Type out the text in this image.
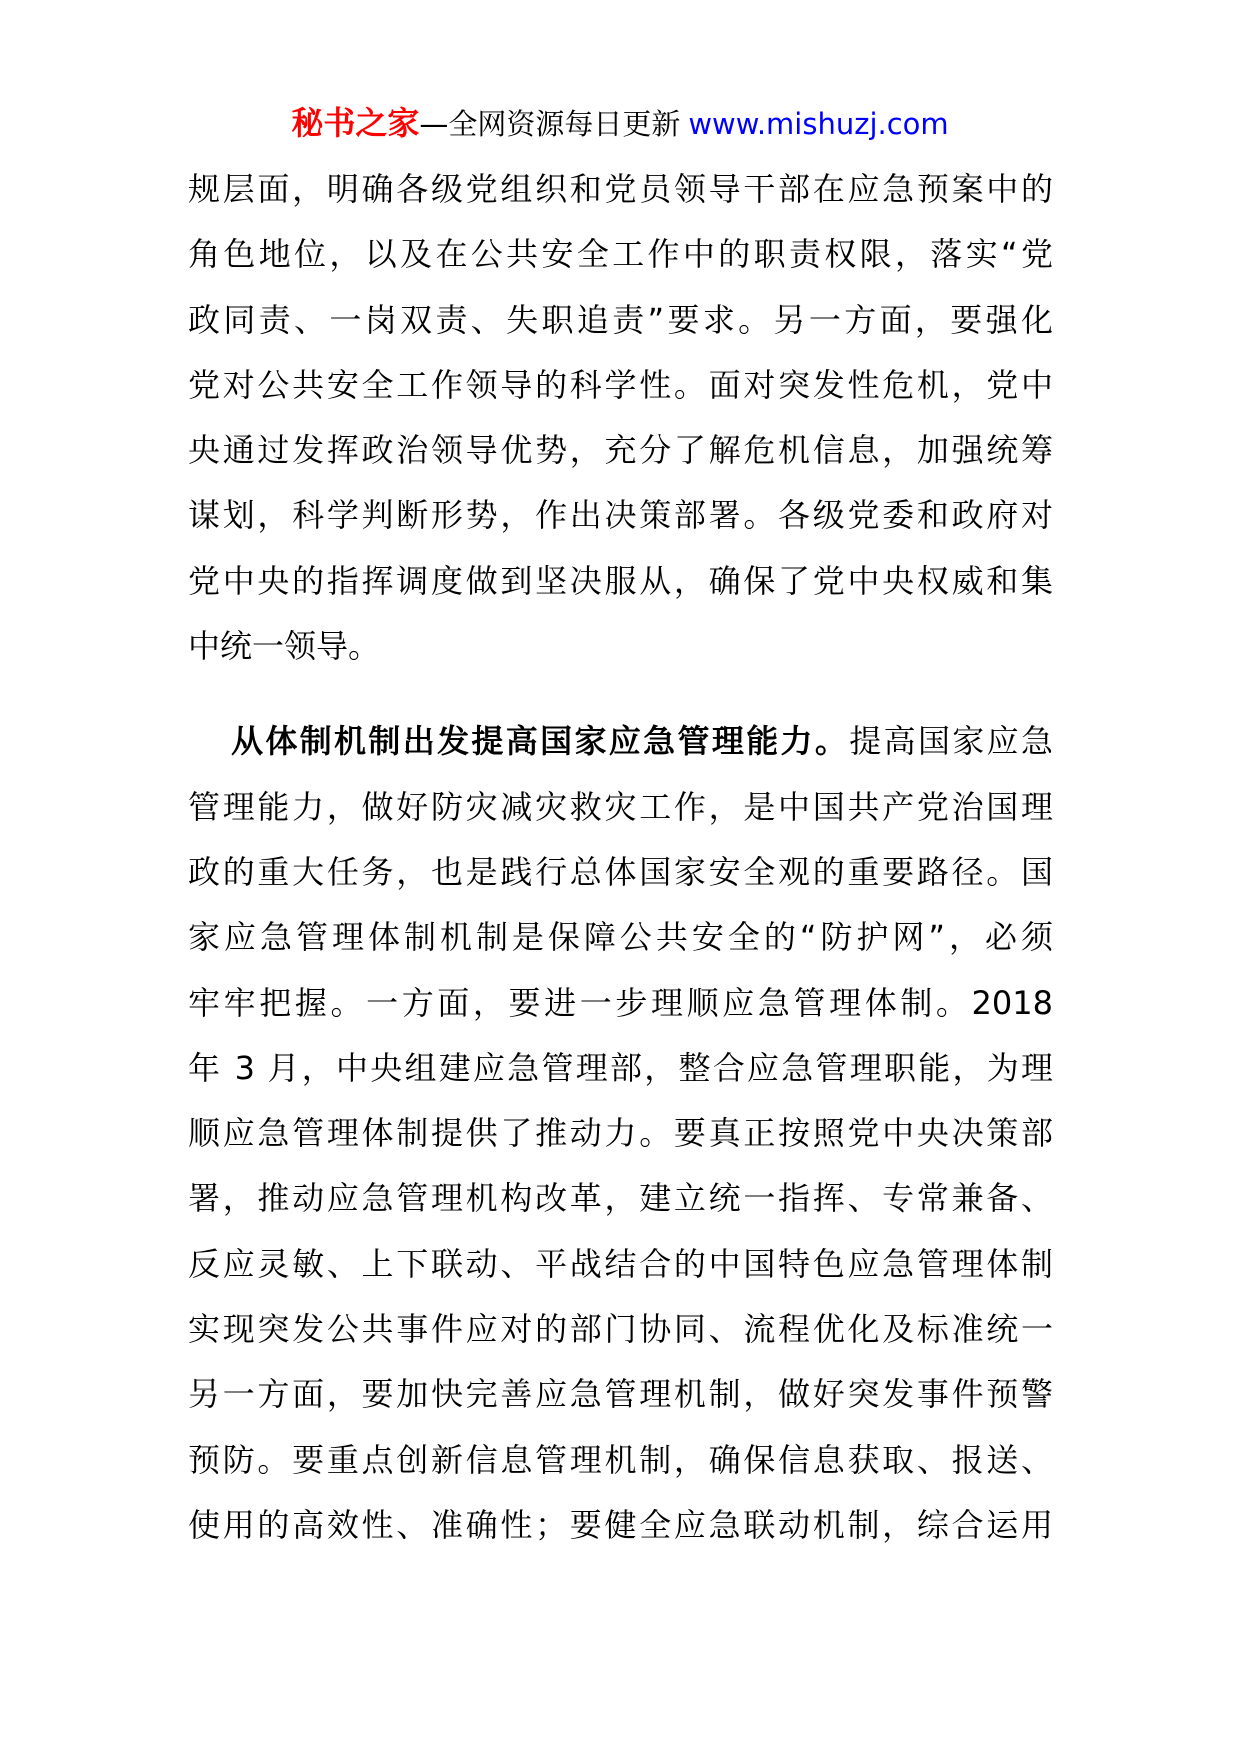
秘书之家—全网资源每日更新 www.mishuzj.com
规层面，明确各级党组织和党员领导干部在应急预案中的
角色地位，以及在公共安全工作中的职责权限，落实“党
政同责、一岗双责、失职追责”要求。另一方面，要强化
党对公共安全工作领导的科学性。面对突发性危机，党中
央通过发挥政治领导优势，充分了解危机信息，加强统筹
谋划，科学判断形势，作出决策部署。各级党委和政府对
党中央的指挥调度做到坚决服从，确保了党中央权威和集
中统一领导。
从体制机制出发提高国家应急管理能力。提高国家应急
管理能力，做好防灾减灾救灾工作，是中国共产党治国理
政的重大任务，也是践行总体国家安全观的重要路径。国
家应急管理体制机制是保障公共安全的“防护网”，必须
牢牢把握。一方面，要进一步理顺应急管理体制。2018
年 3 月，中央组建应急管理部，整合应急管理职能，为理
顺应急管理体制提供了推动力。要真正按照党中央决策部
署，推动应急管理机构改革，建立统一指挥、专常兼备、
反应灵敏、上下联动、平战结合的中国特色应急管理体制
实现突发公共事件应对的部门协同、流程优化及标准统一
另一方面，要加快完善应急管理机制，做好突发事件预警
预防。要重点创新信息管理机制，确保信息获取、报送、
使用的高效性、准确性；要健全应急联动机制，综合运用
